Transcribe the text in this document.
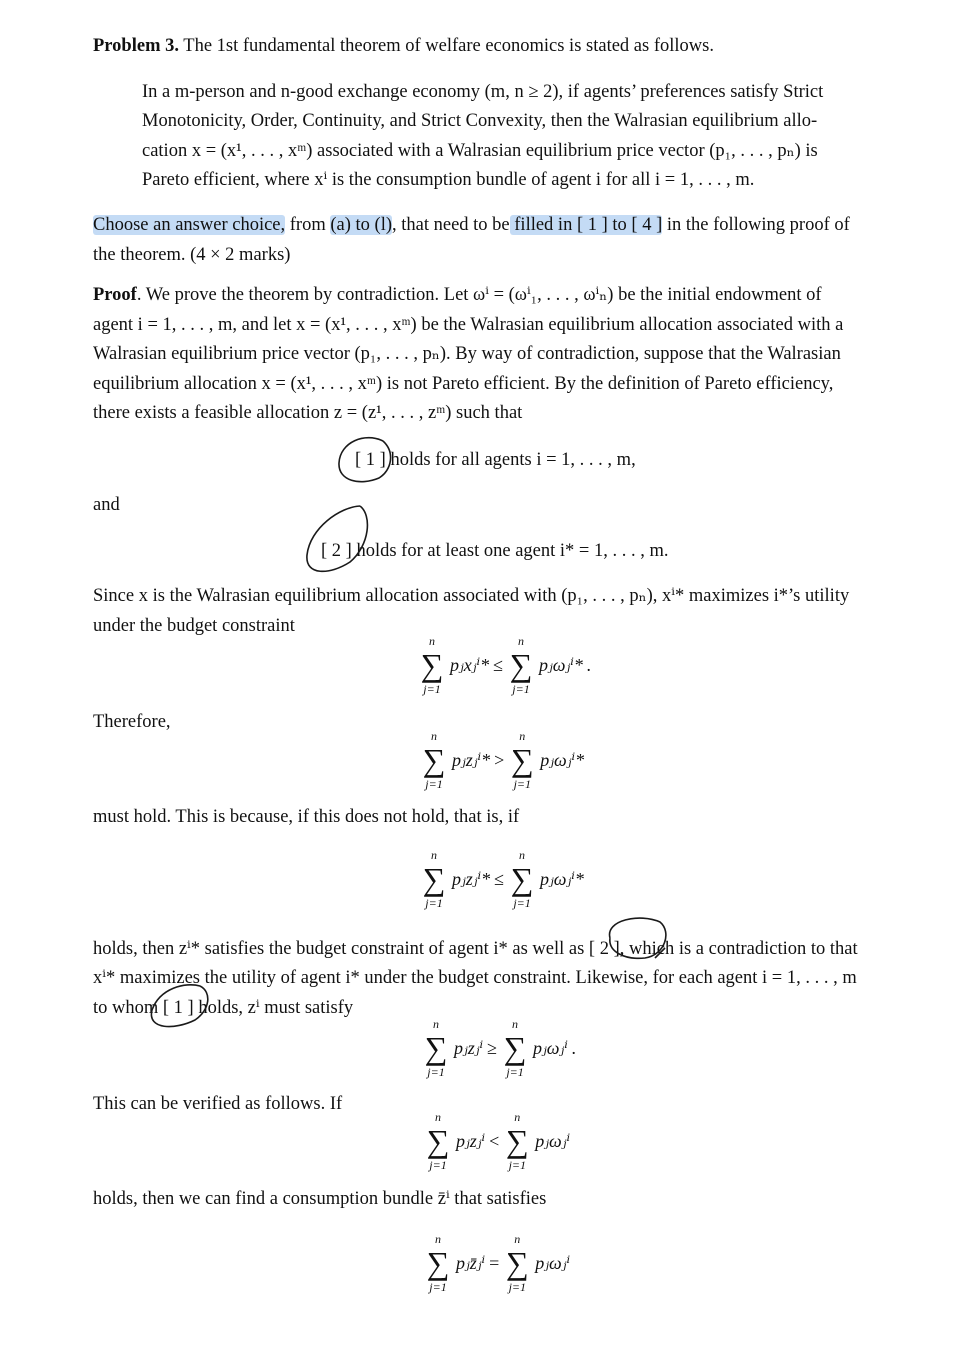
Problem 3. The 1st fundamental theorem of welfare economics is stated as follows.
In a m-person and n-good exchange economy (m, n ≥ 2), if agents’ preferences satisfy Strict
Monotonicity, Order, Continuity, and Strict Convexity, then the Walrasian equilibrium allo-
cation x = (x¹, . . . , xᵐ) associated with a Walrasian equilibrium price vector (p₁, . . . , pₙ) is
Pareto efficient, where xⁱ is the consumption bundle of agent i for all i = 1, . . . , m.
Choose an answer choice, from (a) to (l), that need to be filled in [ 1 ] to [ 4 ] in the following proof of
the theorem. (4 × 2 marks)
Proof. We prove the theorem by contradiction. Let ωⁱ = (ωⁱ₁, . . . , ωⁱₙ) be the initial endowment of
agent i = 1, . . . , m, and let x = (x¹, . . . , xᵐ) be the Walrasian equilibrium allocation associated with a
Walrasian equilibrium price vector (p₁, . . . , pₙ). By way of contradiction, suppose that the Walrasian
equilibrium allocation x = (x¹, . . . , xᵐ) is not Pareto efficient. By the definition of Pareto efficiency,
there exists a feasible allocation z = (z¹, . . . , zᵐ) such that
[ 1 ] holds for all agents i = 1, . . . , m,
and
[ 2 ] holds for at least one agent i* = 1, . . . , m.
Since x is the Walrasian equilibrium allocation associated with (p₁, . . . , pₙ), xⁱ* maximizes i*’s utility
under the budget constraint
n
∑
j=1
pⱼxⱼⁱ* ≤
n
∑
j=1
pⱼωⱼⁱ* .
Therefore,
n
∑
j=1
pⱼzⱼⁱ* >
n
∑
j=1
pⱼωⱼⁱ*
must hold. This is because, if this does not hold, that is, if
n
∑
j=1
pⱼzⱼⁱ* ≤
n
∑
j=1
pⱼωⱼⁱ*
holds, then zⁱ* satisfies the budget constraint of agent i* as well as [ 2 ], which is a contradiction to that
xⁱ* maximizes the utility of agent i* under the budget constraint. Likewise, for each agent i = 1, . . . , m
to whom [ 1 ] holds, zⁱ must satisfy
n
∑
j=1
pⱼzⱼⁱ ≥
n
∑
j=1
pⱼωⱼⁱ .
This can be verified as follows. If
n
∑
j=1
pⱼzⱼⁱ <
n
∑
j=1
pⱼωⱼⁱ
holds, then we can find a consumption bundle z̄ⁱ that satisfies
n
∑
j=1
pⱼz̄ⱼⁱ =
n
∑
j=1
pⱼωⱼⁱ
